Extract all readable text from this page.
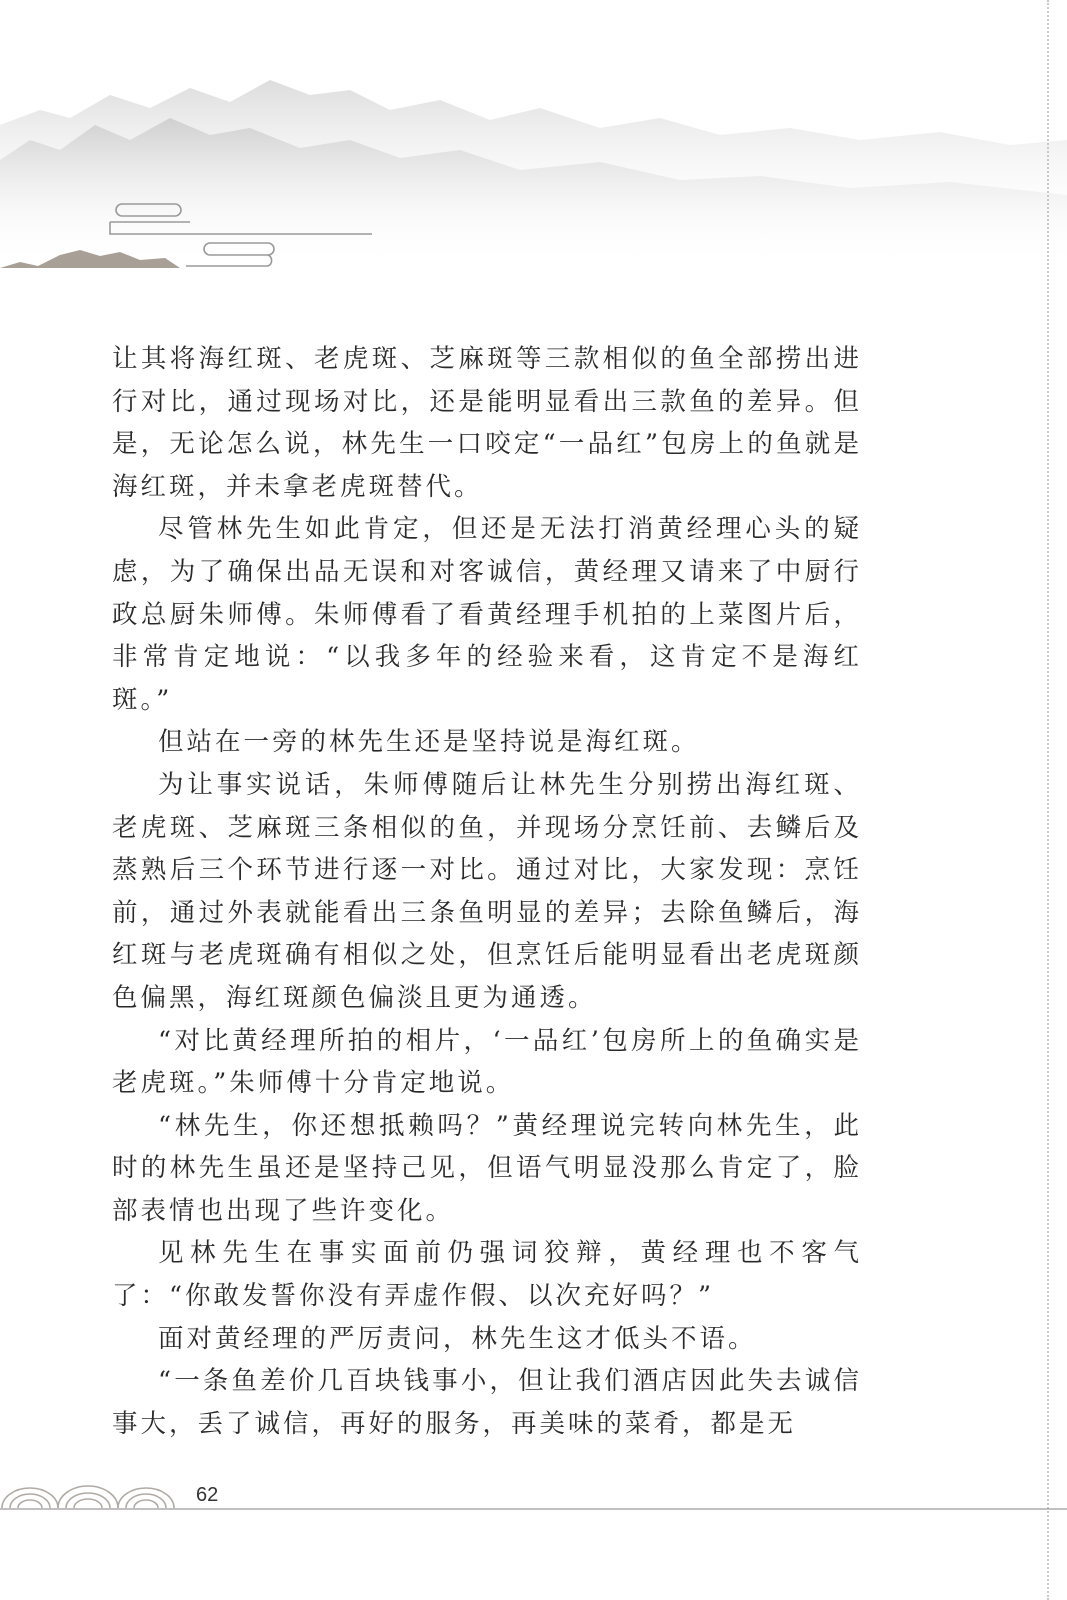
让其将海红斑、老虎斑、芝麻斑等三款相似的鱼全部捞出进行对比，通过现场对比，还是能明显看出三款鱼的差异。但是，无论怎么说，林先生一口咬定“一品红”包房上的鱼就是海红斑，并未拿老虎斑替代。

尽管林先生如此肯定，但还是无法打消黄经理心头的疑虑，为了确保出品无误和对客诚信，黄经理又请来了中厨行政总厨朱师傅。朱师傅看了看黄经理手机拍的上菜图片后，非常肯定地说：“以我多年的经验来看，这肯定不是海红斑。”

但站在一旁的林先生还是坚持说是海红斑。

为让事实说话，朱师傅随后让林先生分别捞出海红斑、老虎斑、芝麻斑三条相似的鱼，并现场分烹饪前、去鳞后及蒸熟后三个环节进行逐一对比。通过对比，大家发现：烹饪前，通过外表就能看出三条鱼明显的差异；去除鱼鳞后，海红斑与老虎斑确有相似之处，但烹饪后能明显看出老虎斑颜色偏黑，海红斑颜色偏淡且更为通透。

“对比黄经理所拍的相片，‘一品红’包房所上的鱼确实是老虎斑。”朱师傅十分肯定地说。

“林先生，你还想抵赖吗？”黄经理说完转向林先生，此时的林先生虽还是坚持己见，但语气明显没那么肯定了，脸部表情也出现了些许变化。

见林先生在事实面前仍强词狡辩，黄经理也不客气了：“你敢发誓你没有弄虚作假、以次充好吗？”

面对黄经理的严厉责问，林先生这才低头不语。

“一条鱼差价几百块钱事小，但让我们酒店因此失去诚信事大，丢了诚信，再好的服务，再美味的菜肴，都是无

62
